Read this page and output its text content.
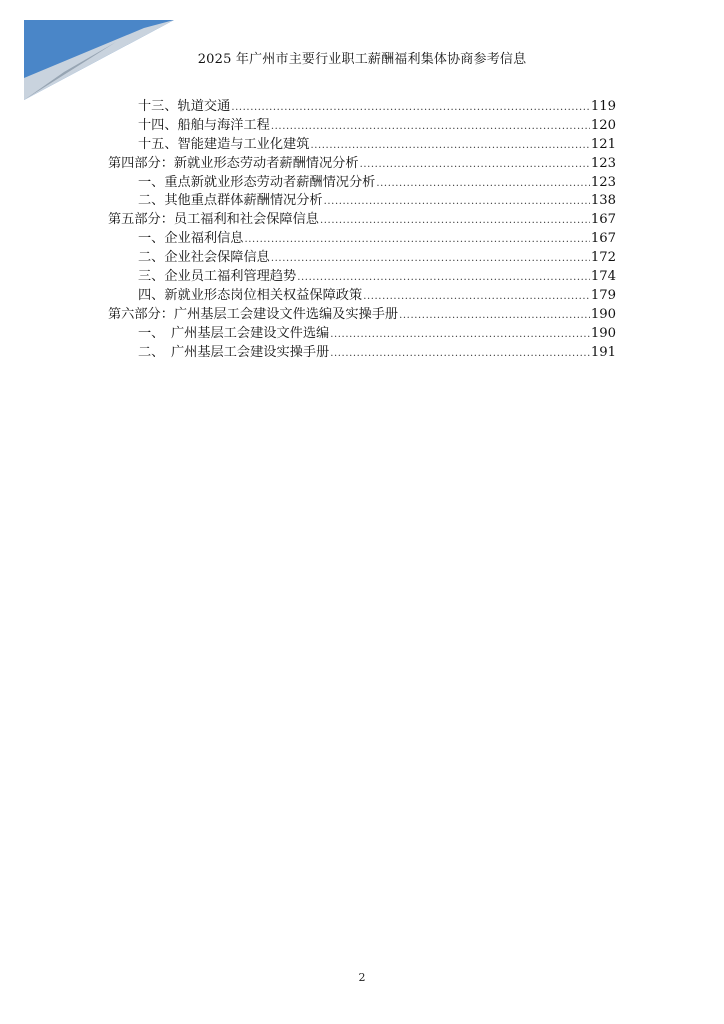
2025 年广州市主要行业职工薪酬福利集体协商参考信息
十三、轨道交通 .....	119
十四、船舶与海洋工程 .....	120
十五、智能建造与工业化建筑 .....	121
第四部分：新就业形态劳动者薪酬情况分析 .....	123
一、重点新就业形态劳动者薪酬情况分析 .....	123
二、其他重点群体薪酬情况分析 .....	138
第五部分：员工福利和社会保障信息 .....	167
一、企业福利信息 .....	167
二、企业社会保障信息 .....	172
三、企业员工福利管理趋势 .....	174
四、新就业形态岗位相关权益保障政策 .....	179
第六部分：广州基层工会建设文件选编及实操手册 .....	190
一、　广州基层工会建设文件选编 .....	190
二、　广州基层工会建设实操手册 .....	191
2
